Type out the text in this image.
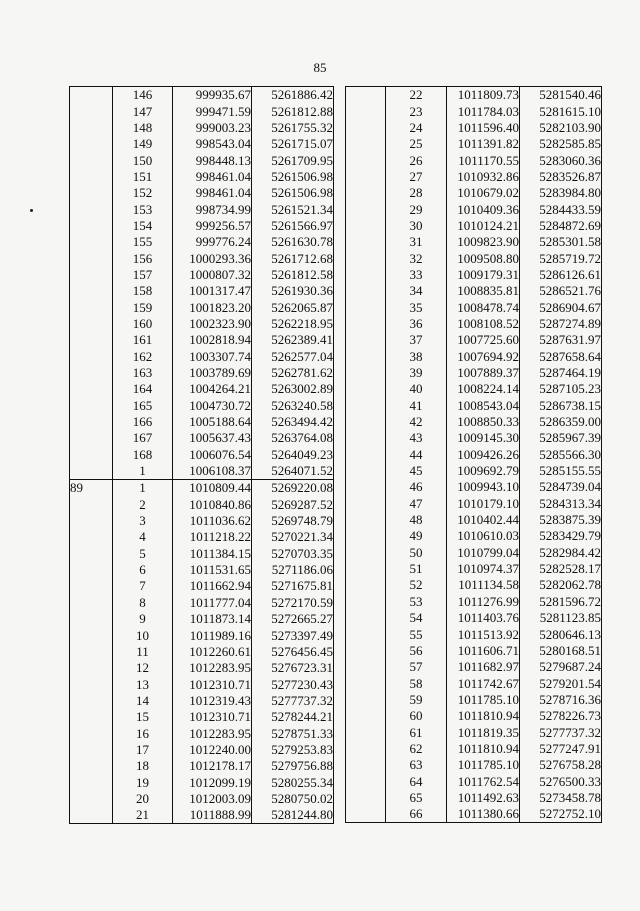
85
	146	999935.67	5261886.42
	147	999471.59	5261812.88
	148	999003.23	5261755.32
	149	998543.04	5261715.07
	150	998448.13	5261709.95
	151	998461.04	5261506.98
	152	998461.04	5261506.98
	153	998734.99	5261521.34
	154	999256.57	5261566.97
	155	999776.24	5261630.78
	156	1000293.36	5261712.68
	157	1000807.32	5261812.58
	158	1001317.47	5261930.36
	159	1001823.20	5262065.87
	160	1002323.90	5262218.95
	161	1002818.94	5262389.41
	162	1003307.74	5262577.04
	163	1003789.69	5262781.62
	164	1004264.21	5263002.89
	165	1004730.72	5263240.58
	166	1005188.64	5263494.42
	167	1005637.43	5263764.08
	168	1006076.54	5264049.23
	1	1006108.37	5264071.52
89	1	1010809.44	5269220.08
	2	1010840.86	5269287.52
	3	1011036.62	5269748.79
	4	1011218.22	5270221.34
	5	1011384.15	5270703.35
	6	1011531.65	5271186.06
	7	1011662.94	5271675.81
	8	1011777.04	5272170.59
	9	1011873.14	5272665.27
	10	1011989.16	5273397.49
	11	1012260.61	5276456.45
	12	1012283.95	5276723.31
	13	1012310.71	5277230.43
	14	1012319.43	5277737.32
	15	1012310.71	5278244.21
	16	1012283.95	5278751.33
	17	1012240.00	5279253.83
	18	1012178.17	5279756.88
	19	1012099.19	5280255.34
	20	1012003.09	5280750.02
	21	1011888.99	5281244.80
	22	1011809.73	5281540.46
	23	1011784.03	5281615.10
	24	1011596.40	5282103.90
	25	1011391.82	5282585.85
	26	1011170.55	5283060.36
	27	1010932.86	5283526.87
	28	1010679.02	5283984.80
	29	1010409.36	5284433.59
	30	1010124.21	5284872.69
	31	1009823.90	5285301.58
	32	1009508.80	5285719.72
	33	1009179.31	5286126.61
	34	1008835.81	5286521.76
	35	1008478.74	5286904.67
	36	1008108.52	5287274.89
	37	1007725.60	5287631.97
	38	1007694.92	5287658.64
	39	1007889.37	5287464.19
	40	1008224.14	5287105.23
	41	1008543.04	5286738.15
	42	1008850.33	5286359.00
	43	1009145.30	5285967.39
	44	1009426.26	5285566.30
	45	1009692.79	5285155.55
	46	1009943.10	5284739.04
	47	1010179.10	5284313.34
	48	1010402.44	5283875.39
	49	1010610.03	5283429.79
	50	1010799.04	5282984.42
	51	1010974.37	5282528.17
	52	1011134.58	5282062.78
	53	1011276.99	5281596.72
	54	1011403.76	5281123.85
	55	1011513.92	5280646.13
	56	1011606.71	5280168.51
	57	1011682.97	5279687.24
	58	1011742.67	5279201.54
	59	1011785.10	5278716.36
	60	1011810.94	5278226.73
	61	1011819.35	5277737.32
	62	1011810.94	5277247.91
	63	1011785.10	5276758.28
	64	1011762.54	5276500.33
	65	1011492.63	5273458.78
	66	1011380.66	5272752.10
